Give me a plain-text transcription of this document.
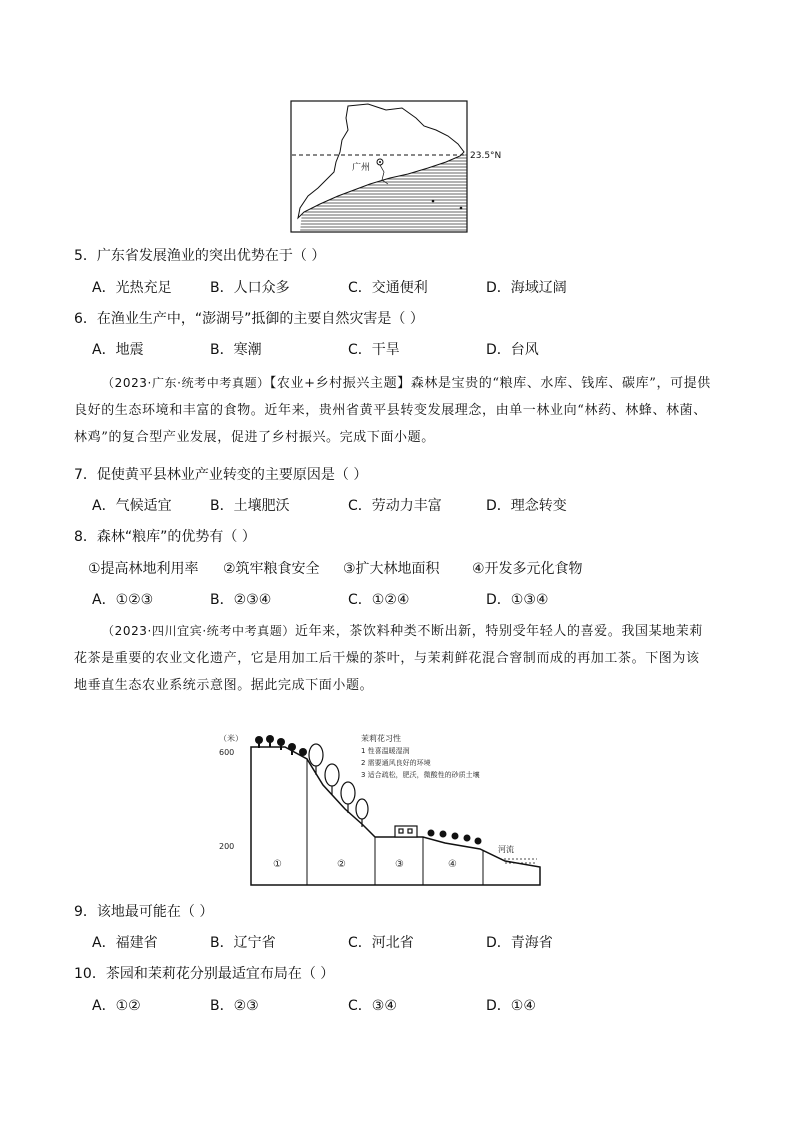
23.5°N
广州
5．广东省发展渔业的突出优势在于（ ）
A．光热充足	B．人口众多	C．交通便利	D．海域辽阔
6．在渔业生产中，“澎湖号”抵御的主要自然灾害是（ ）
A．地震	B．寒潮	C．干旱	D．台风
（2023·广东·统考中考真题）【农业+乡村振兴主题】森林是宝贵的“粮库、水库、钱库、碳库”，可提供
良好的生态环境和丰富的食物。近年来，贵州省黄平县转变发展理念，由单一林业向“林药、林蜂、林菌、
林鸡”的复合型产业发展，促进了乡村振兴。完成下面小题。
7．促使黄平县林业产业转变的主要原因是（ ）
A．气候适宜	B．土壤肥沃	C．劳动力丰富	D．理念转变
8．森林“粮库”的优势有（ ）
①提高林地利用率 ②筑牢粮食安全 ③扩大林地面积 ④开发多元化食物
A．①②③	B．②③④	C．①②④	D．①③④
（2023·四川宜宾·统考中考真题）近年来，茶饮料种类不断出新，特别受年轻人的喜爱。我国某地茉莉
花茶是重要的农业文化遗产，它是用加工后干燥的茶叶，与茉莉鲜花混合窨制而成的再加工茶。下图为该
地垂直生态农业系统示意图。据此完成下面小题。
（米）
600
200
①	②	③	④
河流
茉莉花习性
1 性喜温暖湿润
2 需要通风良好的环境
3 适合疏松，肥沃，微酸性的砂质土壤
9．该地最可能在（ ）
A．福建省	B．辽宁省	C．河北省	D．青海省
10．茶园和茉莉花分别最适宜布局在（ ）
A．①②	B．②③	C．③④	D．①④
